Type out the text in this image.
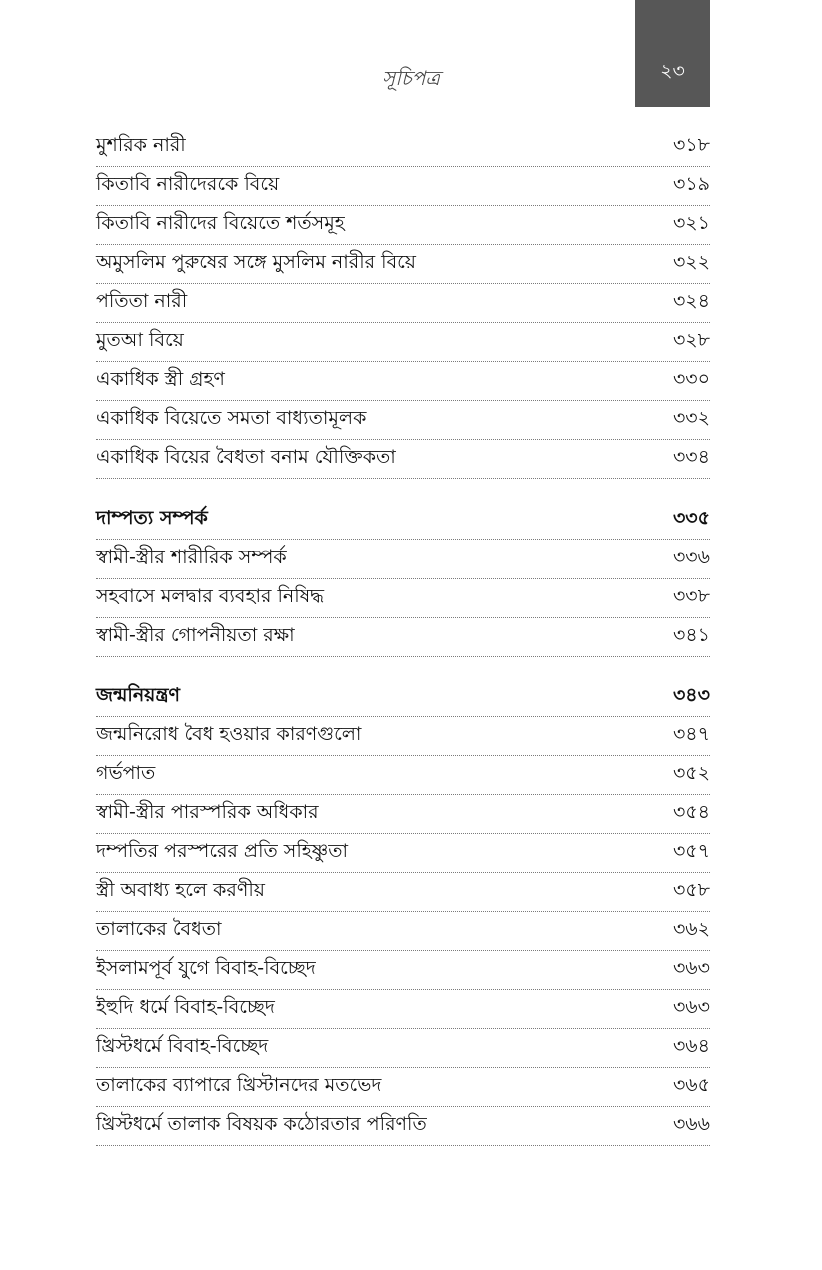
সূচিপত্র	২৩
মুশরিক নারী	৩১৮
কিতাবি নারীদেরকে বিয়ে	৩১৯
কিতাবি নারীদের বিয়েতে শর্তসমূহ	৩২১
অমুসলিম পুরুষের সঙ্গে মুসলিম নারীর বিয়ে	৩২২
পতিতা নারী	৩২৪
মুতআ বিয়ে	৩২৮
একাধিক স্ত্রী গ্রহণ	৩৩০
একাধিক বিয়েতে সমতা বাধ্যতামূলক	৩৩২
একাধিক বিয়ের বৈধতা বনাম যৌক্তিকতা	৩৩৪
দাম্পত্য সম্পর্ক	৩৩৫
স্বামী-স্ত্রীর শারীরিক সম্পর্ক	৩৩৬
সহবাসে মলদ্বার ব্যবহার নিষিদ্ধ	৩৩৮
স্বামী-স্ত্রীর গোপনীয়তা রক্ষা	৩৪১
জন্মনিয়ন্ত্রণ	৩৪৩
জন্মনিরোধ বৈধ হওয়ার কারণগুলো	৩৪৭
গর্ভপাত	৩৫২
স্বামী-স্ত্রীর পারস্পরিক অধিকার	৩৫৪
দম্পতির পরস্পরের প্রতি সহিষ্ণুতা	৩৫৭
স্ত্রী অবাধ্য হলে করণীয়	৩৫৮
তালাকের বৈধতা	৩৬২
ইসলামপূর্ব যুগে বিবাহ-বিচ্ছেদ	৩৬৩
ইহুদি ধর্মে বিবাহ-বিচ্ছেদ	৩৬৩
খ্রিস্টধর্মে বিবাহ-বিচ্ছেদ	৩৬৪
তালাকের ব্যাপারে খ্রিস্টানদের মতভেদ	৩৬৫
খ্রিস্টধর্মে তালাক বিষয়ক কঠোরতার পরিণতি	৩৬৬
